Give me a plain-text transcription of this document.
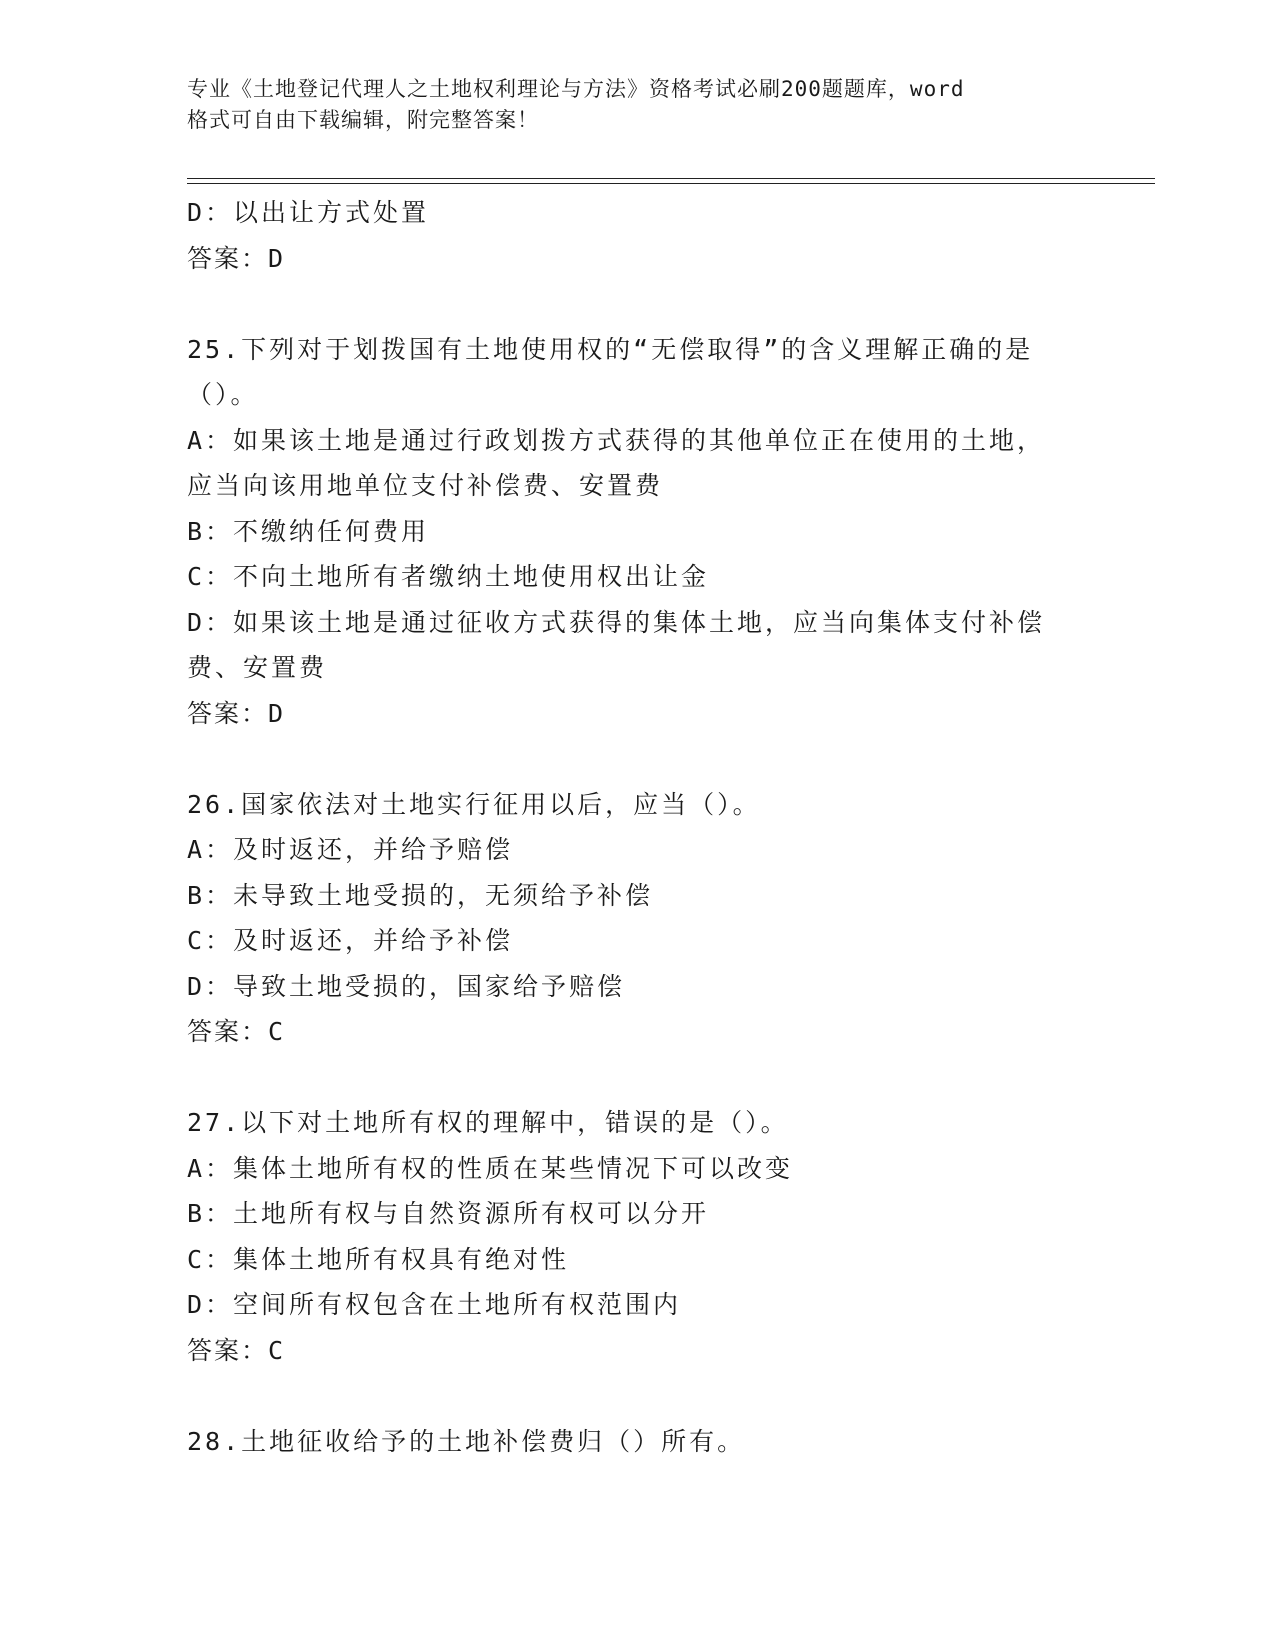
专业《土地登记代理人之土地权利理论与方法》资格考试必刷200题题库，word
格式可自由下载编辑，附完整答案！

D：以出让方式处置

答案：D

25.下列对于划拨国有土地使用权的“无偿取得”的含义理解正确的是

（）。

A：如果该土地是通过行政划拨方式获得的其他单位正在使用的土地，

应当向该用地单位支付补偿费、安置费

B：不缴纳任何费用

C：不向土地所有者缴纳土地使用权出让金

D：如果该土地是通过征收方式获得的集体土地，应当向集体支付补偿

费、安置费

答案：D

26.国家依法对土地实行征用以后，应当（）。

A：及时返还，并给予赔偿

B：未导致土地受损的，无须给予补偿

C：及时返还，并给予补偿

D：导致土地受损的，国家给予赔偿

答案：C

27.以下对土地所有权的理解中，错误的是（）。

A：集体土地所有权的性质在某些情况下可以改变

B：土地所有权与自然资源所有权可以分开

C：集体土地所有权具有绝对性

D：空间所有权包含在土地所有权范围内

答案：C

28.土地征收给予的土地补偿费归（）所有。
